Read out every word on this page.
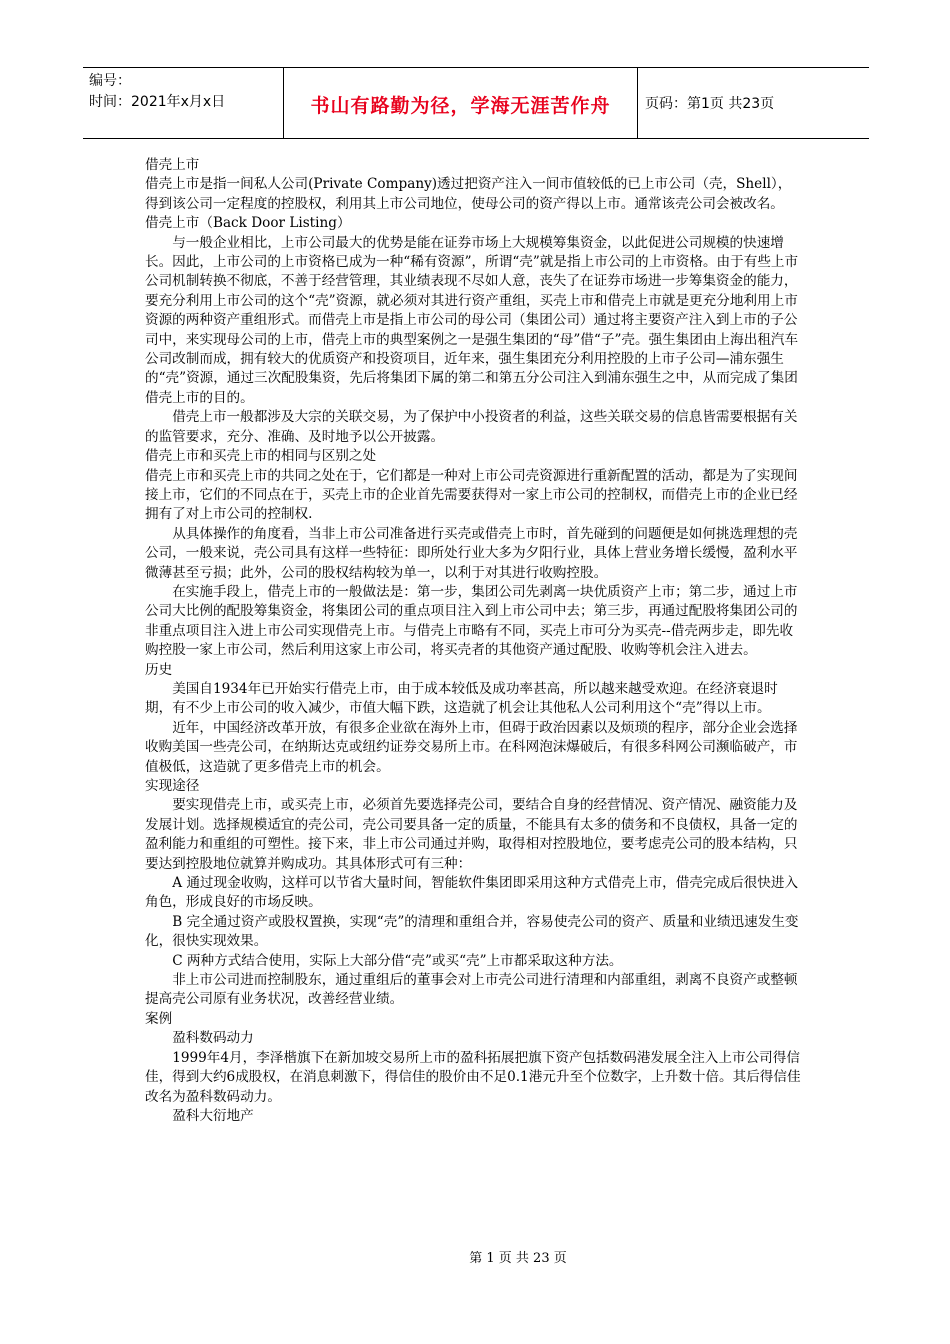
编号：
时间：2021年x月x日	书山有路勤为径，学海无涯苦作舟	页码：第1页 共23页

借壳上市

借壳上市是指一间私人公司(Private Company)透过把资产注入一间市值较低的已上市公司（壳，Shell），得到该公司一定程度的控股权，利用其上市公司地位，使母公司的资产得以上市。通常该壳公司会被改名。

借壳上市（Back Door Listing）

与一般企业相比，上市公司最大的优势是能在证券市场上大规模筹集资金，以此促进公司规模的快速增长。因此，上市公司的上市资格已成为一种“稀有资源”，所谓“壳”就是指上市公司的上市资格。由于有些上市公司机制转换不彻底，不善于经营管理，其业绩表现不尽如人意，丧失了在证券市场进一步筹集资金的能力，要充分利用上市公司的这个“壳”资源，就必须对其进行资产重组，买壳上市和借壳上市就是更充分地利用上市资源的两种资产重组形式。而借壳上市是指上市公司的母公司（集团公司）通过将主要资产注入到上市的子公司中，来实现母公司的上市，借壳上市的典型案例之一是强生集团的“母”借“子”壳。强生集团由上海出租汽车公司改制而成，拥有较大的优质资产和投资项目，近年来，强生集团充分利用控股的上市子公司—浦东强生的“壳”资源，通过三次配股集资，先后将集团下属的第二和第五分公司注入到浦东强生之中，从而完成了集团借壳上市的目的。

借壳上市一般都涉及大宗的关联交易，为了保护中小投资者的利益，这些关联交易的信息皆需要根据有关的监管要求，充分、准确、及时地予以公开披露。

借壳上市和买壳上市的相同与区别之处

借壳上市和买壳上市的共同之处在于，它们都是一种对上市公司壳资源进行重新配置的活动，都是为了实现间接上市，它们的不同点在于，买壳上市的企业首先需要获得对一家上市公司的控制权，而借壳上市的企业已经拥有了对上市公司的控制权.

从具体操作的角度看，当非上市公司准备进行买壳或借壳上市时，首先碰到的问题便是如何挑选理想的壳公司，一般来说，壳公司具有这样一些特征：即所处行业大多为夕阳行业，具体上营业务增长缓慢，盈利水平微薄甚至亏损；此外，公司的股权结构较为单一，以利于对其进行收购控股。

在实施手段上，借壳上市的一般做法是：第一步，集团公司先剥离一块优质资产上市；第二步，通过上市公司大比例的配股筹集资金，将集团公司的重点项目注入到上市公司中去；第三步，再通过配股将集团公司的非重点项目注入进上市公司实现借壳上市。与借壳上市略有不同，买壳上市可分为买壳--借壳两步走，即先收购控股一家上市公司，然后利用这家上市公司，将买壳者的其他资产通过配股、收购等机会注入进去。

历史

美国自1934年已开始实行借壳上市，由于成本较低及成功率甚高，所以越来越受欢迎。在经济衰退时期，有不少上市公司的收入减少，市值大幅下跌，这造就了机会让其他私人公司利用这个“壳”得以上市。

近年，中国经济改革开放，有很多企业欲在海外上市，但碍于政治因素以及烦琐的程序，部分企业会选择收购美国一些壳公司，在纳斯达克或纽约证券交易所上市。在科网泡沫爆破后，有很多科网公司濒临破产，市值极低，这造就了更多借壳上市的机会。

实现途径

要实现借壳上市，或买壳上市，必须首先要选择壳公司，要结合自身的经营情况、资产情况、融资能力及发展计划。选择规模适宜的壳公司，壳公司要具备一定的质量，不能具有太多的债务和不良债权，具备一定的盈利能力和重组的可塑性。接下来，非上市公司通过并购，取得相对控股地位，要考虑壳公司的股本结构，只要达到控股地位就算并购成功。其具体形式可有三种：

A 通过现金收购，这样可以节省大量时间，智能软件集团即采用这种方式借壳上市，借壳完成后很快进入角色，形成良好的市场反映。

B 完全通过资产或股权置换，实现“壳”的清理和重组合并，容易使壳公司的资产、质量和业绩迅速发生变化，很快实现效果。

C 两种方式结合使用，实际上大部分借“壳”或买“壳”上市都采取这种方法。

非上市公司进而控制股东，通过重组后的董事会对上市壳公司进行清理和内部重组，剥离不良资产或整顿提高壳公司原有业务状况，改善经营业绩。

案例

盈科数码动力

1999年4月，李泽楷旗下在新加坡交易所上市的盈科拓展把旗下资产包括数码港发展全注入上市公司得信佳，得到大约6成股权，在消息刺激下，得信佳的股价由不足0.1港元升至个位数字，上升数十倍。其后得信佳改名为盈科数码动力。

盈科大衍地产

第 1 页 共 23 页
